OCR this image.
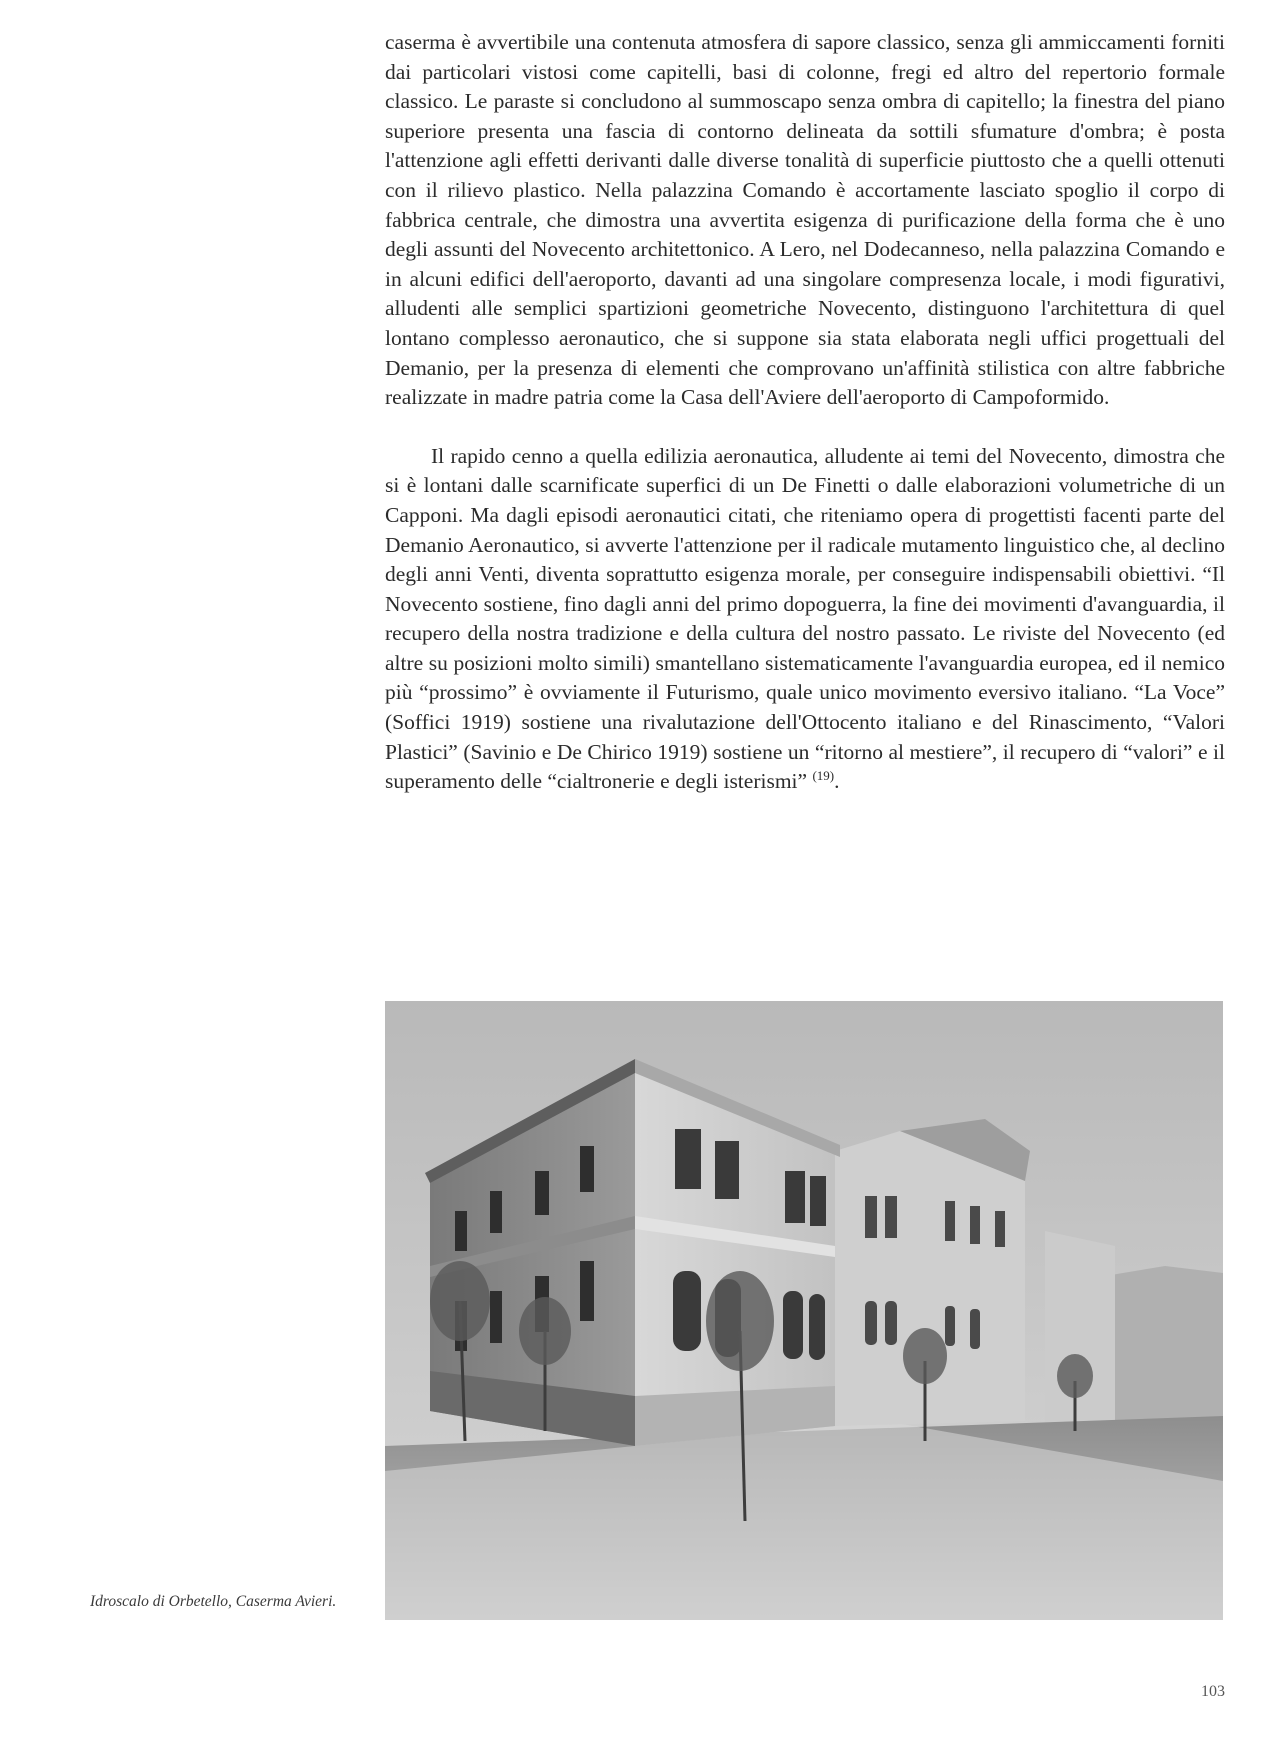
caserma è avvertibile una contenuta atmosfera di sapore classico, senza gli ammiccamenti forniti dai particolari vistosi come capitelli, basi di colonne, fregi ed altro del repertorio formale classico. Le paraste si concludono al summoscapo senza ombra di capitello; la finestra del piano superiore presenta una fascia di contorno delineata da sottili sfumature d'ombra; è posta l'attenzione agli effetti derivanti dalle diverse tonalità di superficie piuttosto che a quelli ottenuti con il rilievo plastico. Nella palazzina Comando è accortamente lasciato spoglio il corpo di fabbrica centrale, che dimostra una avvertita esigenza di purificazione della forma che è uno degli assunti del Novecento architettonico. A Lero, nel Dodecanneso, nella palazzina Comando e in alcuni edifici dell'aeroporto, davanti ad una singolare compresenza locale, i modi figurativi, alludenti alle semplici spartizioni geometriche Novecento, distinguono l'architettura di quel lontano complesso aeronautico, che si suppone sia stata elaborata negli uffici progettuali del Demanio, per la presenza di elementi che comprovano un'affinità stilistica con altre fabbriche realizzate in madre patria come la Casa dell'Aviere dell'aeroporto di Campoformido.

Il rapido cenno a quella edilizia aeronautica, alludente ai temi del Novecento, dimostra che si è lontani dalle scarnificate superfici di un De Finetti o dalle elaborazioni volumetriche di un Capponi. Ma dagli episodi aeronautici citati, che riteniamo opera di progettisti facenti parte del Demanio Aeronautico, si avverte l'attenzione per il radicale mutamento linguistico che, al declino degli anni Venti, diventa soprattutto esigenza morale, per conseguire indispensabili obiettivi. “Il Novecento sostiene, fino dagli anni del primo dopoguerra, la fine dei movimenti d'avanguardia, il recupero della nostra tradizione e della cultura del nostro passato. Le riviste del Novecento (ed altre su posizioni molto simili) smantellano sistematicamente l'avanguardia europea, ed il nemico più “prossimo” è ovviamente il Futurismo, quale unico movimento eversivo italiano. “La Voce” (Soffici 1919) sostiene una rivalutazione dell'Ottocento italiano e del Rinascimento, “Valori Plastici” (Savinio e De Chirico 1919) sostiene un “ritorno al mestiere”, il recupero di “valori” e il superamento delle “cialtronerie e degli isterismi” $^{(19)}$.

Idroscalo di Orbetello, Caserma Avieri.

103
